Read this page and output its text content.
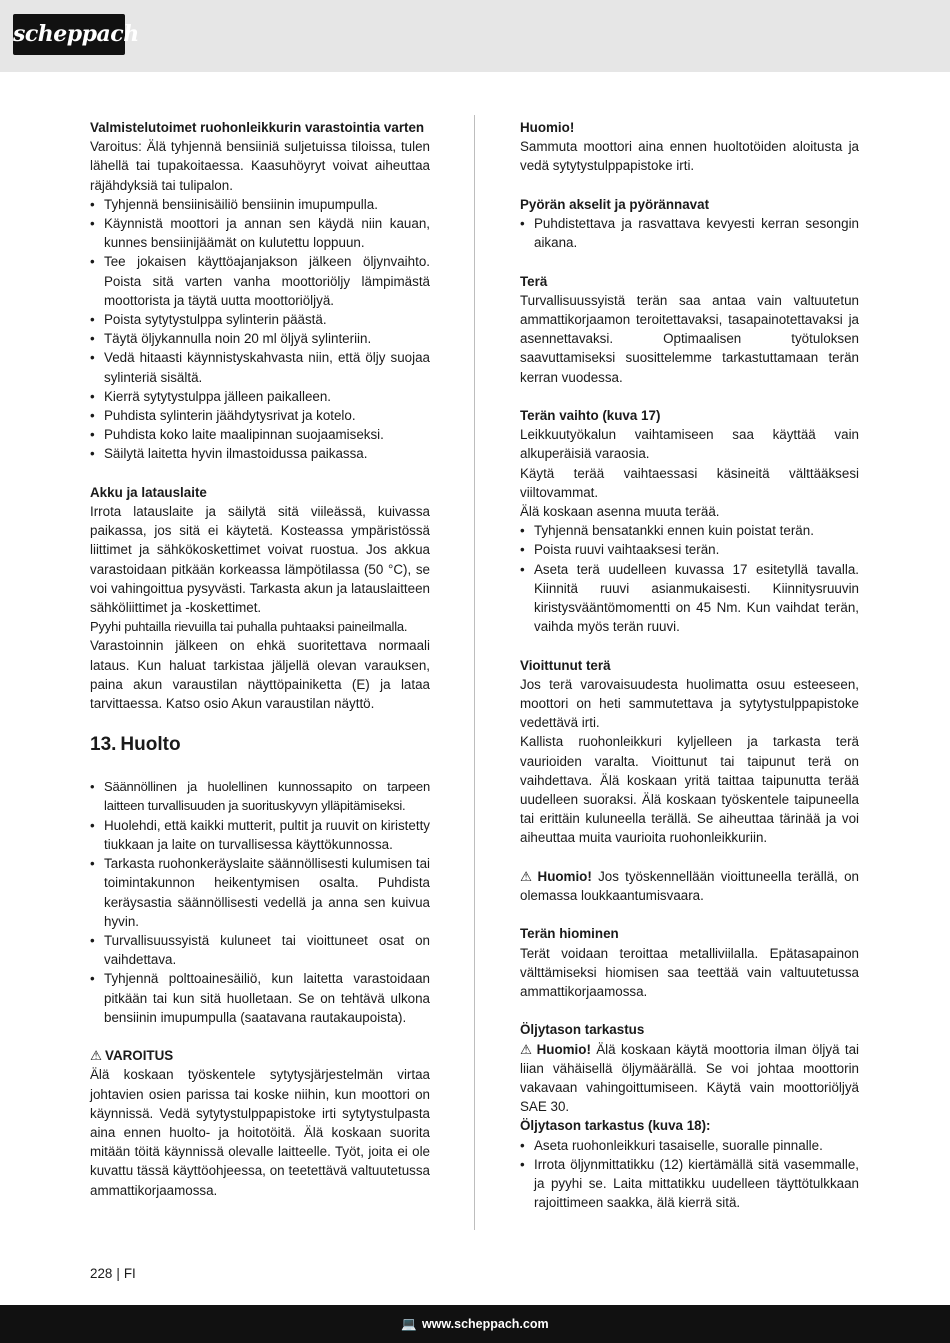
scheppach
Valmistelutoimet ruohonleikkurin varastointia varten
Varoitus: Älä tyhjennä bensiiniä suljetuissa tiloissa, tulen lähellä tai tupakoitaessa. Kaasuhöyryt voivat aiheuttaa räjähdyksiä tai tulipalon.
• Tyhjennä bensiinisäiliö bensiinin imupumpulla.
• Käynnistä moottori ja annan sen käydä niin kauan, kunnes bensiinijäämät on kulutettu loppuun.
• Tee jokaisen käyttöajanjakson jälkeen öljynvaihto. Poista sitä varten vanha moottoriöljy lämpimästä moottorista ja täytä uutta moottoriöljyä.
• Poista sytytystulppa sylinterin päästä.
• Täytä öljykannulla noin 20 ml öljyä sylinteriin.
• Vedä hitaasti käynnistyskahvasta niin, että öljy suojaa sylinteriä sisältä.
• Kierrä sytytystulppa jälleen paikalleen.
• Puhdista sylinterin jäähdytysrivat ja kotelo.
• Puhdista koko laite maalipinnan suojaamiseksi.
• Säilytä laitetta hyvin ilmastoidussa paikassa.
Akku ja latauslaite
Irrota latauslaite ja säilytä sitä viileässä, kuivassa paikassa, jos sitä ei käytetä. Kosteassa ympäristössä liittimet ja sähkökoskettimet voivat ruostua. Jos akkua varastoidaan pitkään korkeassa lämpötilassa (50 °C), se voi vahingoittua pysyvästi. Tarkasta akun ja latauslaitteen sähköliittimet ja -koskettimet.
Pyyhi puhtailla rievuilla tai puhalla puhtaaksi paineilmalla.
Varastoinnin jälkeen on ehkä suoritettava normaali lataus. Kun haluat tarkistaa jäljellä olevan varauksen, paina akun varaustilan näyttöpainiketta (E) ja lataa tarvittaessa. Katso osio Akun varaustilan näyttö.
13. Huolto
• Säännöllinen ja huolellinen kunnossapito on tarpeen laitteen turvallisuuden ja suorituskyvyn ylläpitämiseksi.
• Huolehdi, että kaikki mutterit, pultit ja ruuvit on kiristetty tiukkaan ja laite on turvallisessa käyttökunnossa.
• Tarkasta ruohonkeräyslaite säännöllisesti kulumisen tai toimintakunnon heikentymisen osalta. Puhdista keräysastia säännöllisesti vedellä ja anna sen kuivua hyvin.
• Turvallisuussyistä kuluneet tai vioittuneet osat on vaihdettava.
• Tyhjennä polttoainesäiliö, kun laitetta varastoidaan pitkään tai kun sitä huolletaan. Se on tehtävä ulkona bensiinin imupumpulla (saatavana rautakaupoista).
⚠ VAROITUS
Älä koskaan työskentele sytytysjärjestelmän virtaa johtavien osien parissa tai koske niihin, kun moottori on käynnissä. Vedä sytytystulppapistoke irti sytytystulpasta aina ennen huolto- ja hoitotöitä. Älä koskaan suorita mitään töitä käynnissä olevalle laitteelle. Työt, joita ei ole kuvattu tässä käyttöohjeessa, on teetettävä valtuutetussa ammattikorjaamossa.
Huomio!
Sammuta moottori aina ennen huoltotöiden aloitusta ja vedä sytytystulppapistoke irti.
Pyörän akselit ja pyörännavat
• Puhdistettava ja rasvattava kevyesti kerran sesongin aikana.
Terä
Turvallisuussyistä terän saa antaa vain valtuutetun ammattikorjaamon teroitettavaksi, tasapainotettavaksi ja asennettavaksi. Optimaalisen työtuloksen saavuttamiseksi suosittelemme tarkastuttamaan terän kerran vuodessa.
Terän vaihto (kuva 17)
Leikkuutyökalun vaihtamiseen saa käyttää vain alkuperäisiä varaosia.
Käytä terää vaihtaessasi käsineitä välttääksesi viiltovammat.
Älä koskaan asenna muuta terää.
• Tyhjennä bensatankki ennen kuin poistat terän.
• Poista ruuvi vaihtaaksesi terän.
• Aseta terä uudelleen kuvassa 17 esitetyllä tavalla. Kiinnitä ruuvi asianmukaisesti. Kiinnitysruuvin kiristysvääntömomentti on 45 Nm. Kun vaihdat terän, vaihda myös terän ruuvi.
Vioittunut terä
Jos terä varovaisuudesta huolimatta osuu esteeseen, moottori on heti sammutettava ja sytytystulppapistoke vedettävä irti.
Kallista ruohonleikkuri kyljelleen ja tarkasta terä vaurioiden varalta. Vioittunut tai taipunut terä on vaihdettava. Älä koskaan yritä taittaa taipunutta terää uudelleen suoraksi. Älä koskaan työskentele taipuneella tai erittäin kuluneella terällä. Se aiheuttaa tärinää ja voi aiheuttaa muita vaurioita ruohonleikkuriin.
⚠ Huomio! Jos työskennellään vioittuneella terällä, on olemassa loukkaantumisvaara.
Terän hiominen
Terät voidaan teroittaa metalliviilalla. Epätasapainon välttämiseksi hiomisen saa teettää vain valtuutetussa ammattikorjaamossa.
Öljytason tarkastus
⚠ Huomio! Älä koskaan käytä moottoria ilman öljyä tai liian vähäisellä öljymäärällä. Se voi johtaa moottorin vakavaan vahingoittumiseen. Käytä vain moottoriöljyä SAE 30.
Öljytason tarkastus (kuva 18):
• Aseta ruohonleikkuri tasaiselle, suoralle pinnalle.
• Irrota öljynmittatikku (12) kiertämällä sitä vasemmalle, ja pyyhi se. Laita mittatikku uudelleen täyttötulkkaan rajoittimeen saakka, älä kierrä sitä.
228 | FI
💻 www.scheppach.com
